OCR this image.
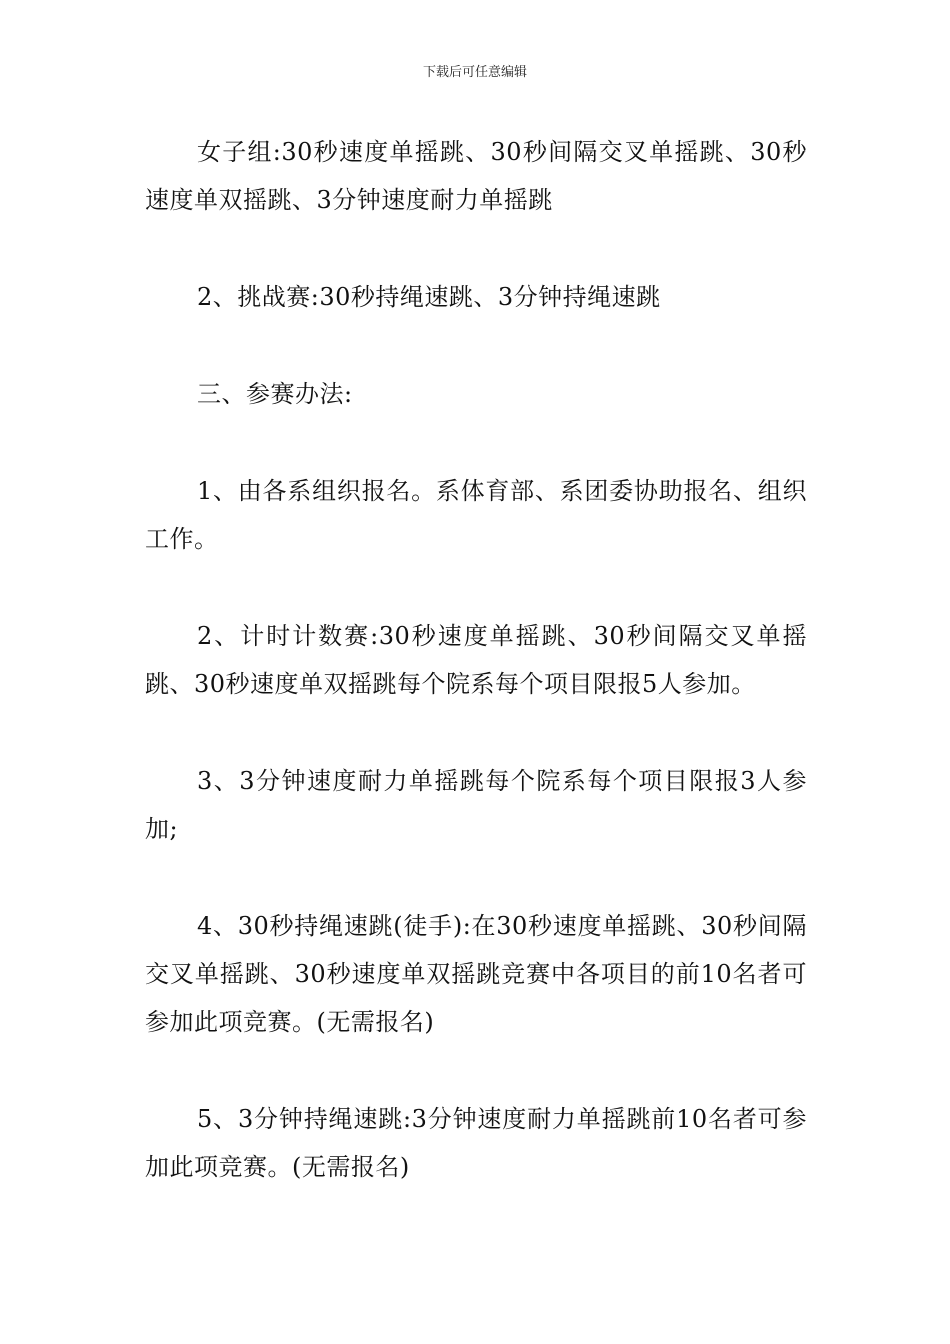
下载后可任意编辑

女子组:30秒速度单摇跳、30秒间隔交叉单摇跳、30秒速度单双摇跳、3分钟速度耐力单摇跳

2、挑战赛:30秒持绳速跳、3分钟持绳速跳

三、参赛办法:

1、由各系组织报名。系体育部、系团委协助报名、组织工作。

2、计时计数赛:30秒速度单摇跳、30秒间隔交叉单摇跳、30秒速度单双摇跳每个院系每个项目限报5人参加。

3、3分钟速度耐力单摇跳每个院系每个项目限报3人参加;

4、30秒持绳速跳(徒手):在30秒速度单摇跳、30秒间隔交叉单摇跳、30秒速度单双摇跳竞赛中各项目的前10名者可参加此项竞赛。(无需报名)

5、3分钟持绳速跳:3分钟速度耐力单摇跳前10名者可参加此项竞赛。(无需报名)
